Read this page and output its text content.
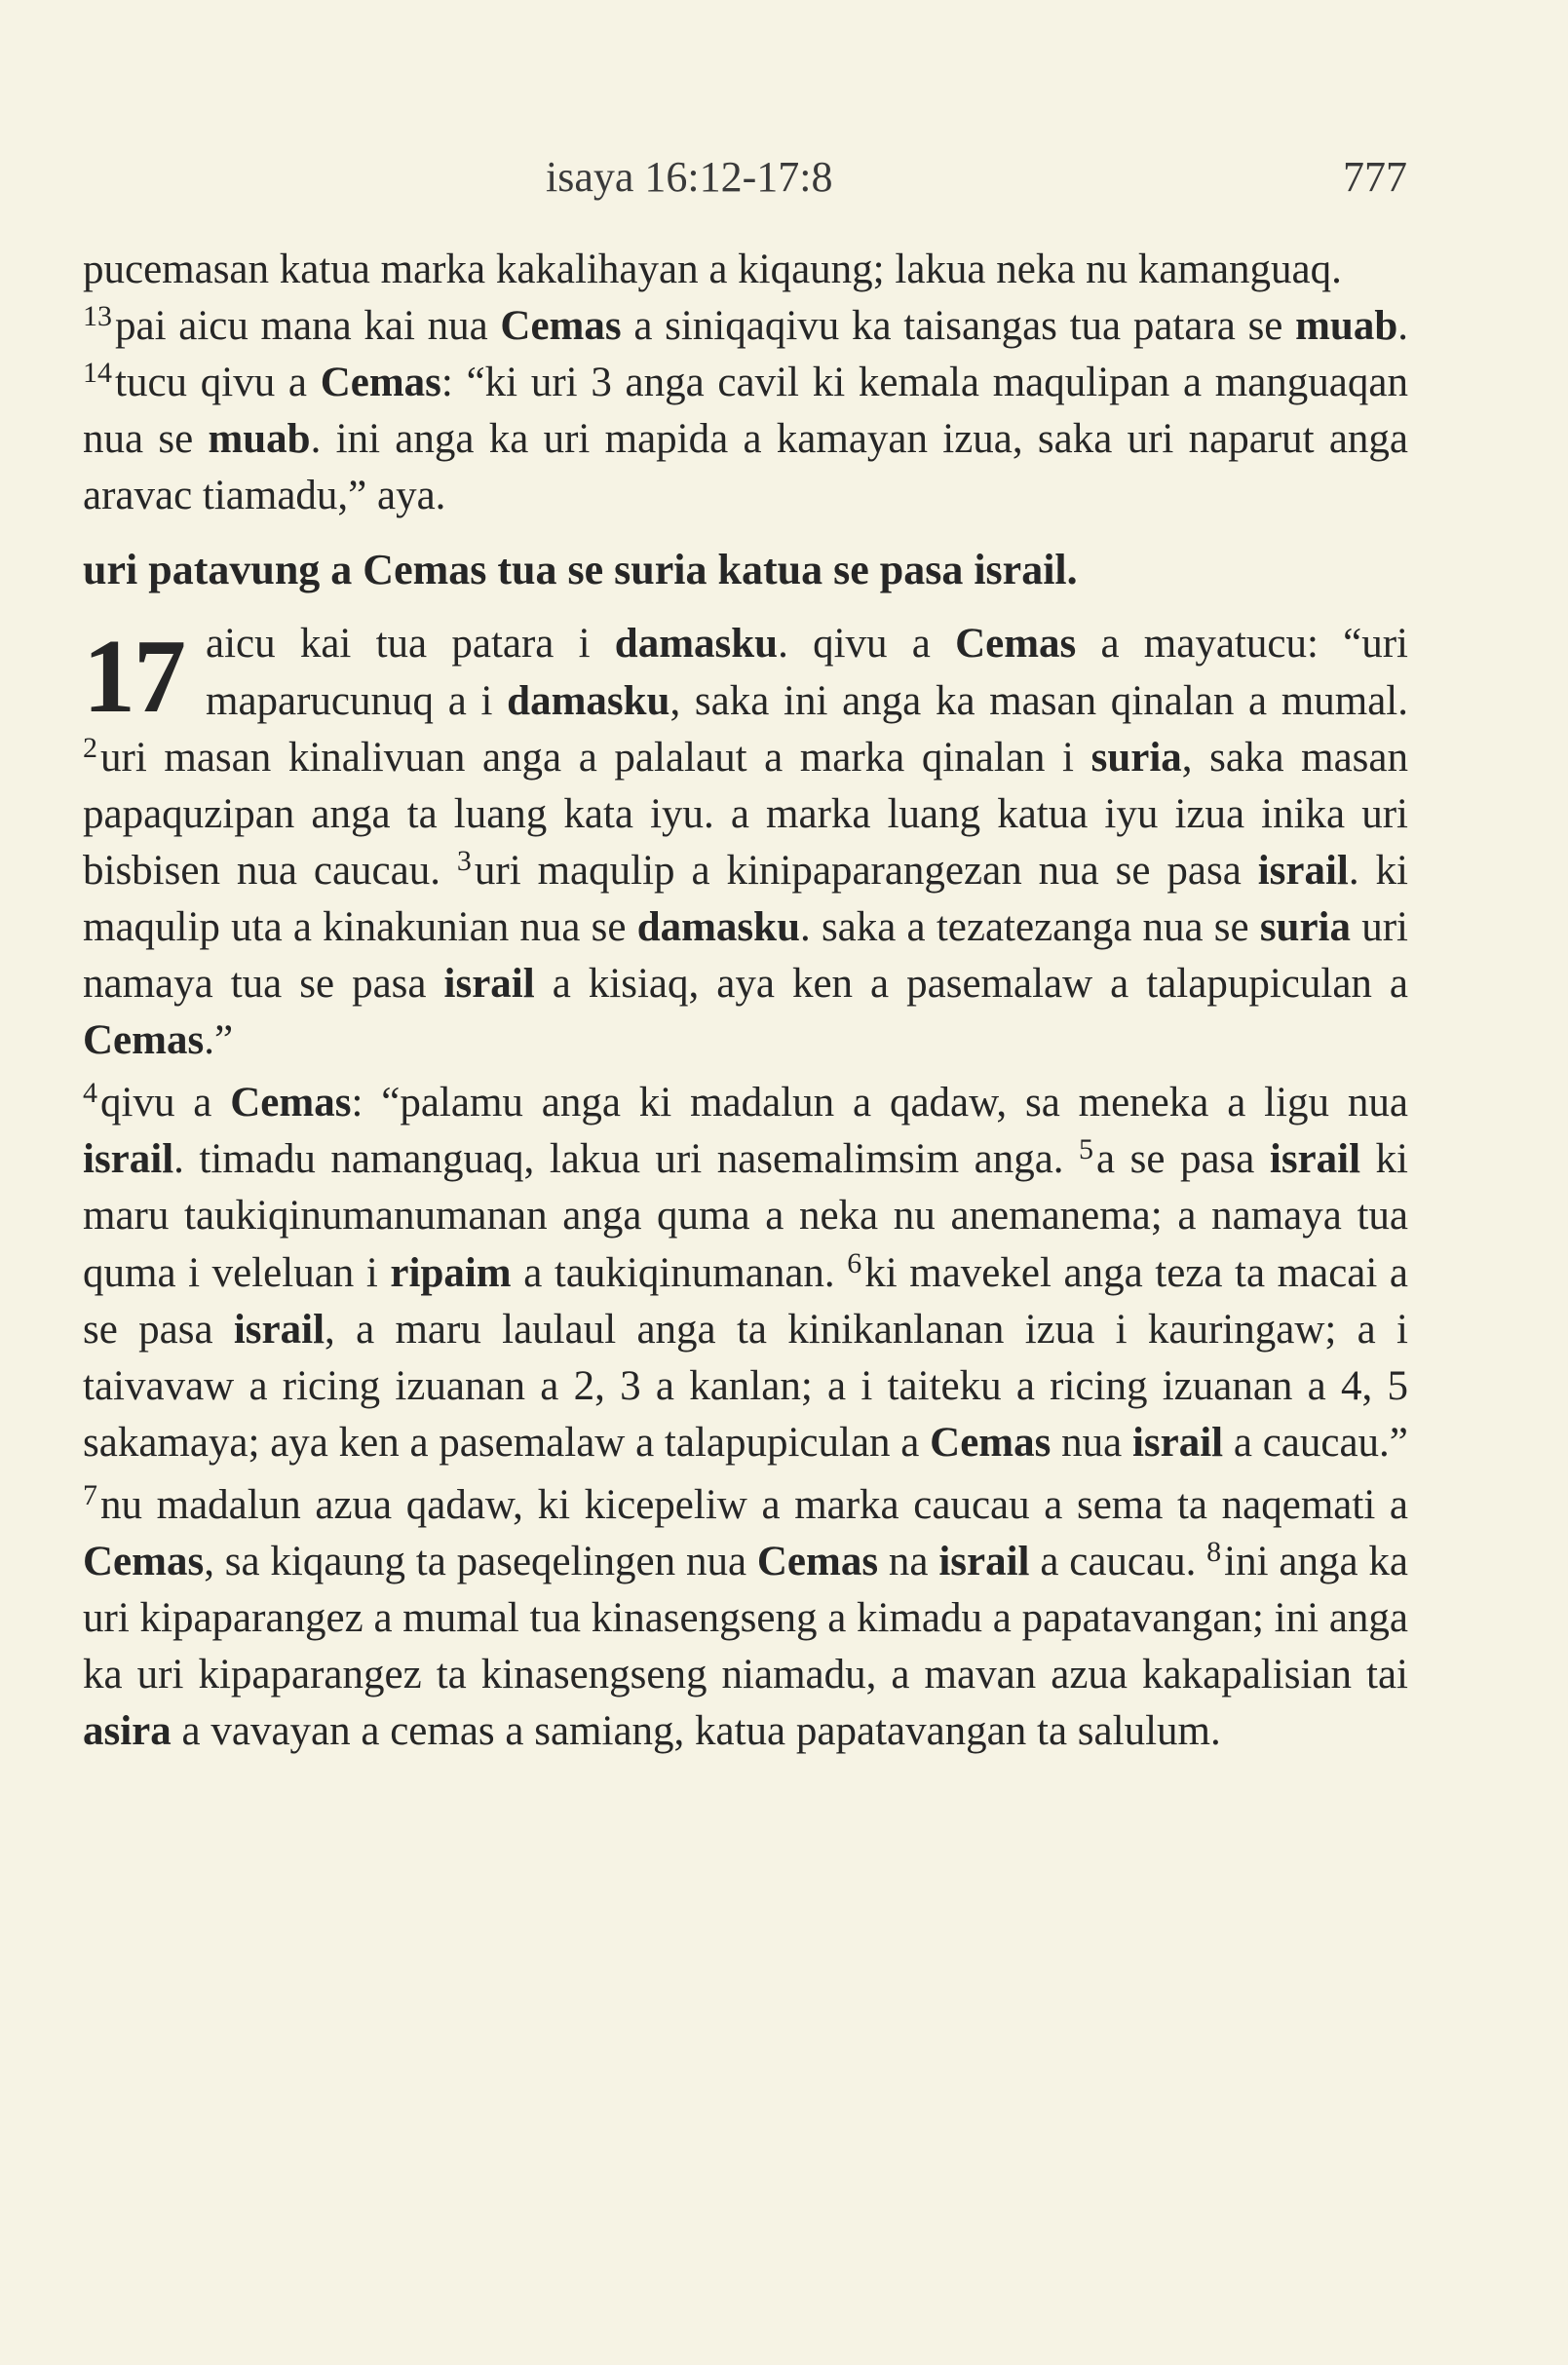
isaya 16:12-17:8	777

pucemasan katua marka kakalihayan a kiqaung; lakua neka nu kamanguaq.

$^{13}$pai aicu mana kai nua Cemas a siniqaqivu ka taisangas tua patara se muab. $^{14}$tucu qivu a Cemas: “ki uri 3 anga cavil ki kemala maqulipan a manguaqan nua se muab. ini anga ka uri mapida a kamayan izua, saka uri naparut anga aravac tiamadu,” aya.

uri patavung a Cemas tua se suria katua se pasa israil.

17 aicu kai tua patara i damasku. qivu a Cemas a mayatucu: “uri maparucunuq a i damasku, saka ini anga ka masan qinalan a mumal. $^2$uri masan kinalivuan anga a palalaut a marka qinalan i suria, saka masan papaquzipan anga ta luang kata iyu. a marka luang katua iyu izua inika uri bisbisen nua caucau. $^3$uri maqulip a kinipaparangezan nua se pasa israil. ki maqulip uta a kinakunian nua se damasku. saka a tezatezanga nua se suria uri namaya tua se pasa israil a kisiaq, aya ken a pasemalaw a talapupiculan a Cemas.”

$^4$qivu a Cemas: “palamu anga ki madalun a qadaw, sa meneka a ligu nua israil. timadu namanguaq, lakua uri nasemalimsim anga. $^5$a se pasa israil ki maru taukiqinumanumanan anga quma a neka nu anemanema; a namaya tua quma i veleluan i ripaim a taukiqinumanan. $^6$ki mavekel anga teza ta macai a se pasa israil, a maru laulaul anga ta kinikanlanan izua i kauringaw; a i taivavaw a ricing izuanan a 2, 3 a kanlan; a i taiteku a ricing izuanan a 4, 5 sakamaya; aya ken a pasemalaw a talapupiculan a Cemas nua israil a caucau.”

$^7$nu madalun azua qadaw, ki kicepeliw a marka caucau a sema ta naqemati a Cemas, sa kiqaung ta paseqelingen nua Cemas na israil a caucau. $^8$ini anga ka uri kipaparangez a mumal tua kinasengseng a kimadu a papatavangan; ini anga ka uri kipaparangez ta kinasengseng niamadu, a mavan azua kakapalisian tai asira a vavayan a cemas a samiang, katua papatavangan ta salulum.
